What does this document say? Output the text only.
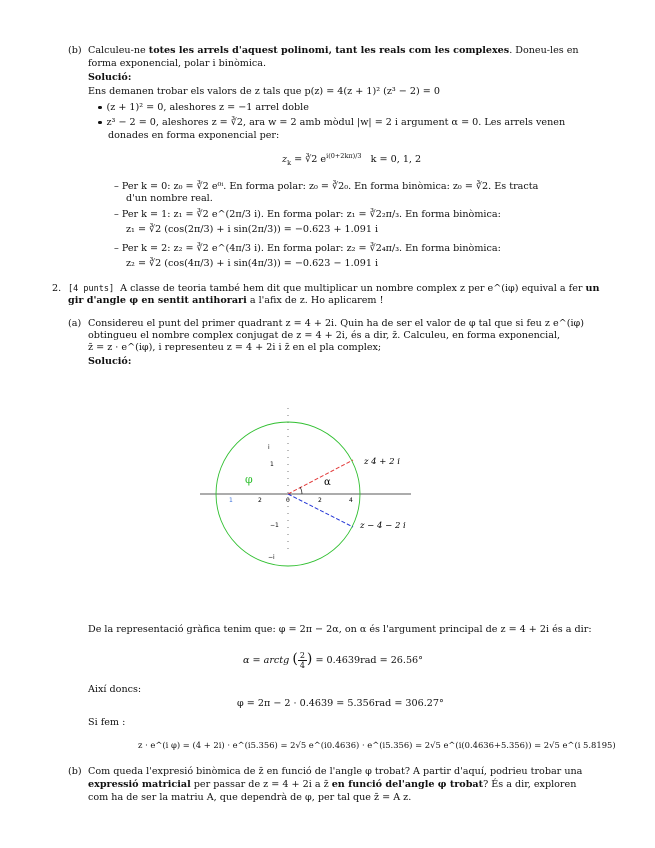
(b) Calculeu-ne totes les arrels d'aquest polinomi, tant les reals com les complexes. Doneu-les en
forma exponencial, polar i binòmica.
Solució:
Ens demanen trobar els valors de z tals que p(z) = 4(z + 1)² (z³ − 2) = 0
(z + 1)² = 0, aleshores z = −1 arrel doble
z³ − 2 = 0, aleshores z = ∛2, ara w = 2 amb mòdul |w| = 2 i argument α = 0. Les arrels venen
donades en forma exponencial per:
$z_k$ = ∛2 $e^{i(0+2k\pi)/3}$ k = 0, 1, 2
– Per k = 0: z₀ = ∛2 e⁰ⁱ. En forma polar: z₀ = ∛2₀. En forma binòmica: z₀ = ∛2. Es tracta
d'un nombre real.
– Per k = 1: z₁ = ∛2 e^(2π/3 i). En forma polar: z₁ = ∛2₂π/₃. En forma binòmica:
z₁ = ∛2 (cos(2π/3) + i sin(2π/3)) = −0.623 + 1.091 i
– Per k = 2: z₂ = ∛2 e^(4π/3 i). En forma polar: z₂ = ∛2₄π/₃. En forma binòmica:
z₂ = ∛2 (cos(4π/3) + i sin(4π/3)) = −0.623 − 1.091 i
2. [4 punts] A classe de teoria també hem dit que multiplicar un nombre complex z per e^(iφ) equival a fer un
gir d'angle φ en sentit antihorari a l'afix de z. Ho aplicarem !
(a) Considereu el punt del primer quadrant z = 4 + 2i. Quin ha de ser el valor de φ tal que si feu z e^(iφ)
obtingueu el nombre complex conjugat de z = 4 + 2i, és a dir, z̄. Calculeu, en forma exponencial,
z̄ = z · e^(iφ), i representeu z = 4 + 2i i z̄ en el pla complex;
Solució:
α
φ
z 4 + 2 i
z − 4 − 2 i
1	2	0	2	4
i
1
−1
−i
De la representació gràfica tenim que: φ = 2π − 2α, on α és l'argument principal de z = 4 + 2i és a dir:
α = arctg ( $\frac{2}{4}$ ) = 0.4639rad = 26.56°
Així doncs:
φ = 2π − 2 · 0.4639 = 5.356rad = 306.27°
Si fem :
z · e^(i φ) = (4 + 2i) · e^(i5.356) = 2√5 e^(i0.4636) · e^(i5.356) = 2√5 e^(i(0.4636+5.356)) = 2√5 e^(i 5.8195)
(b) Com queda l'expresió binòmica de z̄ en funció de l'angle φ trobat? A partir d'aquí, podrieu trobar una
expressió matricial per passar de z = 4 + 2i a z̄ en funció del'angle φ trobat? És a dir, exploren
com ha de ser la matriu A, que dependrà de φ, per tal que z̄ = A z.
